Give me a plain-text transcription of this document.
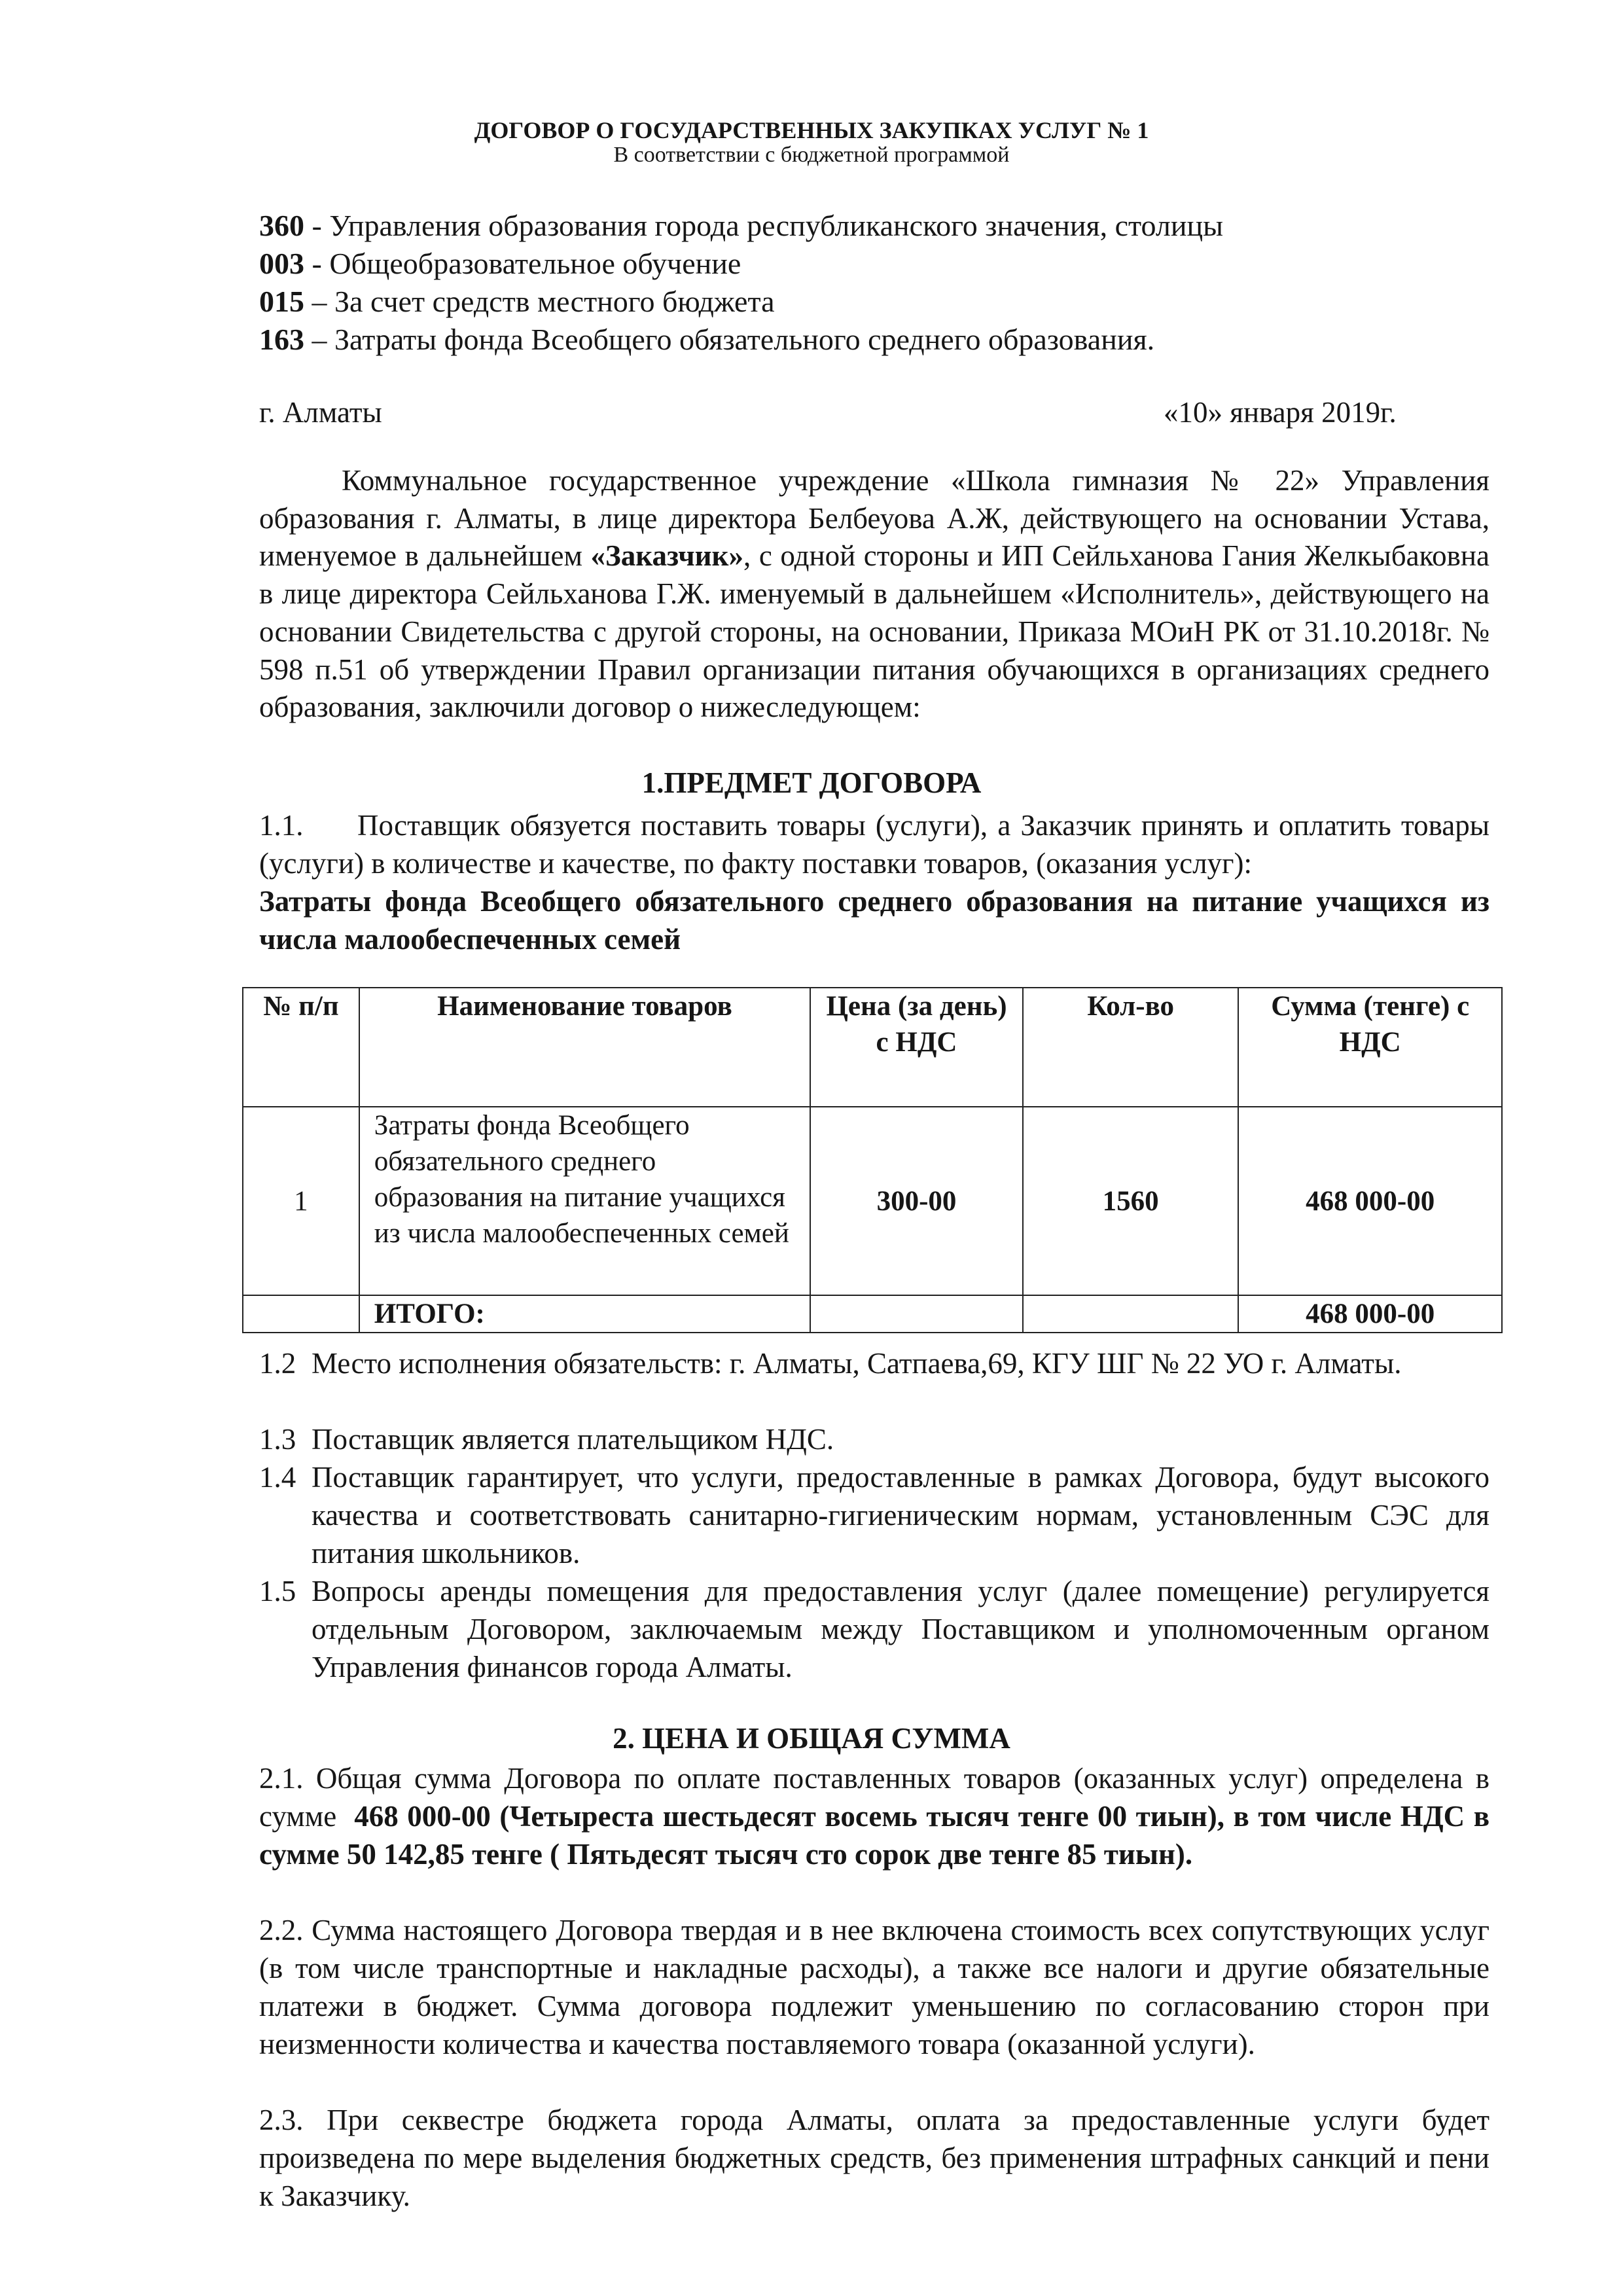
ДОГОВОР О ГОСУДАРСТВЕННЫХ ЗАКУПКАХ УСЛУГ № 1
В соответствии с бюджетной программой
360 - Управления образования города республиканского значения, столицы
003 - Общеобразовательное обучение
015 – За счет средств местного бюджета
163 – Затраты фонда Всеобщего обязательного среднего образования.
г. Алматы	«10» января 2019г.
Коммунальное государственное учреждение «Школа гимназия № 22» Управления образования г. Алматы, в лице директора Белбеуова А.Ж, действующего на основании Устава, именуемое в дальнейшем «Заказчик», с одной стороны и ИП Сейльханова Гания Желкыбаковна в лице директора Сейльханова Г.Ж. именуемый в дальнейшем «Исполнитель», действующего на основании Свидетельства с другой стороны, на основании, Приказа МОиН РК от 31.10.2018г. № 598 п.51 об утверждении Правил организации питания обучающихся в организациях среднего образования, заключили договор о нижеследующем:
1.ПРЕДМЕТ ДОГОВОРА
1.1. Поставщик обязуется поставить товары (услуги), а Заказчик принять и оплатить товары (услуги) в количестве и качестве, по факту поставки товаров, (оказания услуг):
Затраты фонда Всеобщего обязательного среднего образования на питание учащихся из числа малообеспеченных семей
№ п/п	Наименование товаров	Цена (за день) с НДС	Кол-во	Сумма (тенге) с НДС
1	Затраты фонда Всеобщего обязательного среднего образования на питание учащихся из числа малообеспеченных семей	300-00	1560	468 000-00
	ИТОГО:			468 000-00
1.2 Место исполнения обязательств: г. Алматы, Сатпаева,69, КГУ ШГ № 22 УО г. Алматы.
1.3 Поставщик является плательщиком НДС.
1.4 Поставщик гарантирует, что услуги, предоставленные в рамках Договора, будут высокого качества и соответствовать санитарно-гигиеническим нормам, установленным СЭС для питания школьников.
1.5 Вопросы аренды помещения для предоставления услуг (далее помещение) регулируется отдельным Договором, заключаемым между Поставщиком и уполномоченным органом Управления финансов города Алматы.
2. ЦЕНА И ОБЩАЯ СУММА
2.1. Общая сумма Договора по оплате поставленных товаров (оказанных услуг) определена в сумме  468 000-00 (Четыреста шестьдесят восемь тысяч тенге 00 тиын), в том числе НДС в сумме 50 142,85 тенге ( Пятьдесят тысяч сто сорок две тенге 85 тиын).
2.2. Сумма настоящего Договора твердая и в нее включена стоимость всех сопутствующих услуг (в том числе транспортные и накладные расходы), а также все налоги и другие обязательные платежи в бюджет. Сумма договора подлежит уменьшению по согласованию сторон при неизменности количества и качества поставляемого товара (оказанной услуги).
2.3. При секвестре бюджета города Алматы, оплата за предоставленные услуги будет произведена по мере выделения бюджетных средств, без применения штрафных санкций и пени к Заказчику.
